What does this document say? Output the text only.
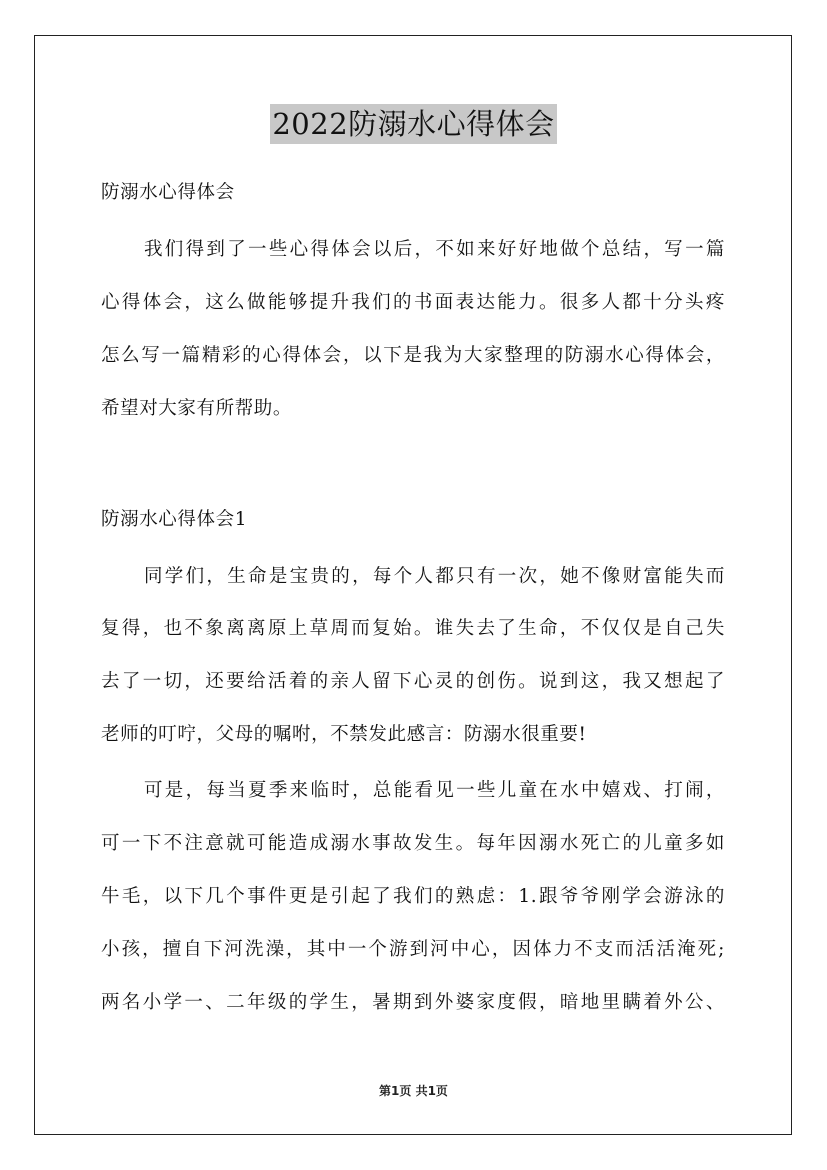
2022防溺水心得体会
防溺水心得体会
我们得到了一些心得体会以后，不如来好好地做个总结，写一篇
心得体会，这么做能够提升我们的书面表达能力。很多人都十分头疼
怎么写一篇精彩的心得体会，以下是我为大家整理的防溺水心得体会，
希望对大家有所帮助。
防溺水心得体会1
同学们，生命是宝贵的，每个人都只有一次，她不像财富能失而
复得，也不象离离原上草周而复始。谁失去了生命，不仅仅是自己失
去了一切，还要给活着的亲人留下心灵的创伤。说到这，我又想起了
老师的叮咛，父母的嘱咐，不禁发此感言：防溺水很重要!
可是，每当夏季来临时，总能看见一些儿童在水中嬉戏、打闹，
可一下不注意就可能造成溺水事故发生。每年因溺水死亡的儿童多如
牛毛，以下几个事件更是引起了我们的熟虑：1.跟爷爷刚学会游泳的
小孩，擅自下河洗澡，其中一个游到河中心，因体力不支而活活淹死;
两名小学一、二年级的学生，暑期到外婆家度假，暗地里瞒着外公、
第1页 共1页
